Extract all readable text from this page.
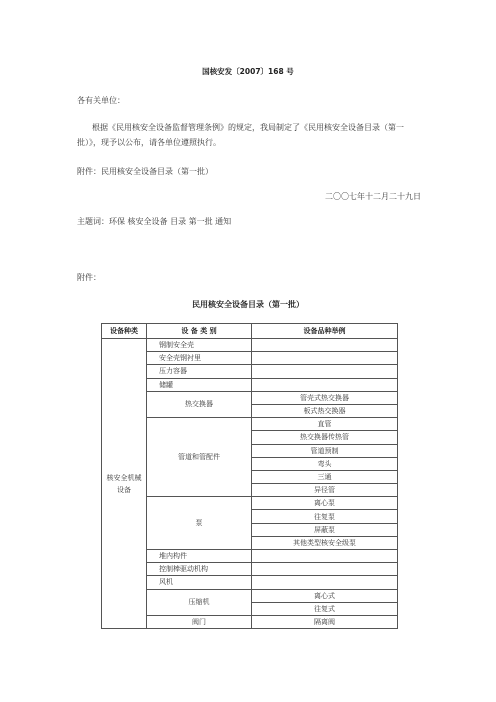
国核安发〔2007〕168 号
各有关单位：
根据《民用核安全设备监督管理条例》的规定，我局制定了《民用核安全设备目录（第一批）》，现予以公布，请各单位遵照执行。
附件：民用核安全设备目录（第一批）
二〇〇七年十二月二十九日
主题词：环保 核安全设备 目录 第一批 通知
附件：
民用核安全设备目录（第一批）
设备种类	设 备 类 别	设备品种举例
核安全机械设备	钢制安全壳	
	安全壳钢衬里	
	压力容器	
	储罐	
	热交换器	管壳式热交换器
		板式热交换器
	管道和管配件	直管
		热交换器传热管
		管道预制
		弯头
		三通
		异径管
	泵	离心泵
		往复泵
		屏蔽泵
		其他类型核安全级泵
	堆内构件	
	控制棒驱动机构	
	风机	
	压缩机	离心式
		往复式
	阀门	隔离阀
